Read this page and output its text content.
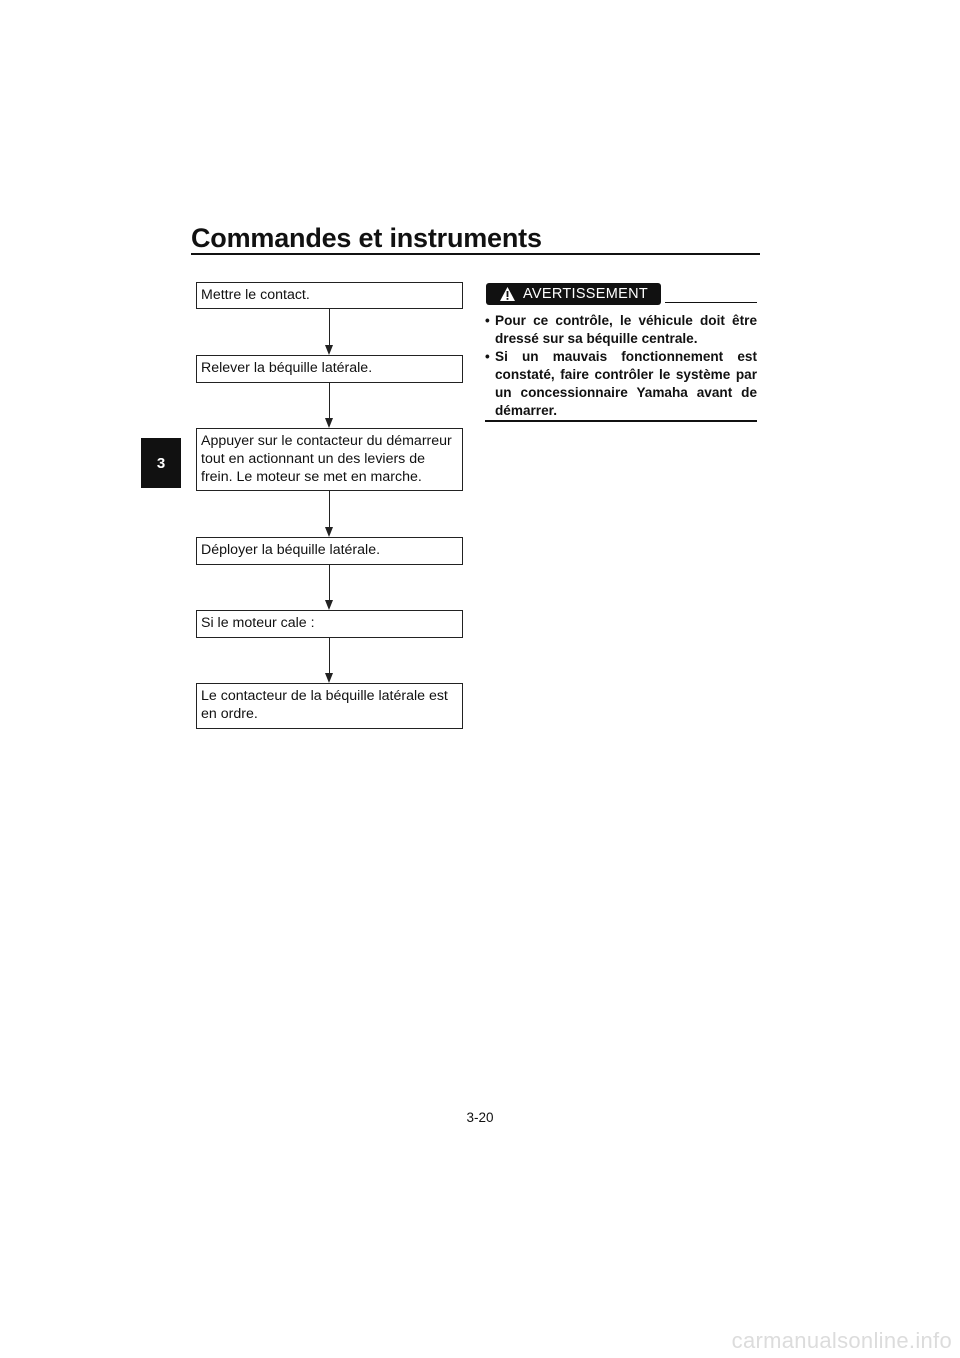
Commandes et instruments
3
Mettre le contact.
Relever la béquille latérale.
Appuyer sur le contacteur du démarreur tout en actionnant un des leviers de frein. Le moteur se met en marche.
Déployer la béquille latérale.
Si le moteur cale :
Le contacteur de la béquille latérale est en ordre.
AVERTISSEMENT
• Pour ce contrôle, le véhicule doit être dressé sur sa béquille centrale.
• Si un mauvais fonctionnement est constaté, faire contrôler le système par un concessionnaire Yamaha avant de démarrer.
3-20
carmanualsonline.info
